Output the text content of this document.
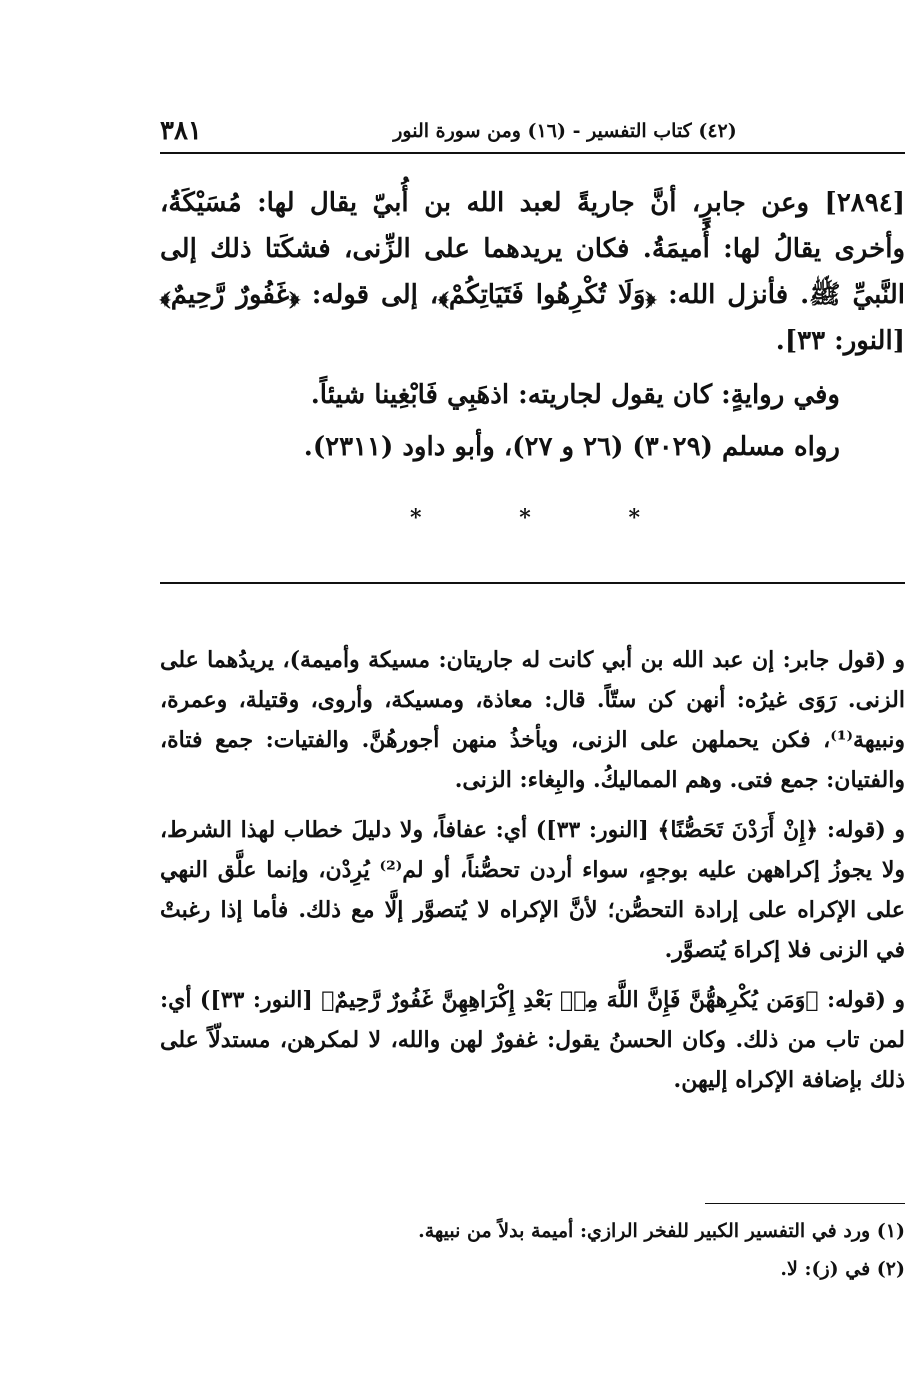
٣٨١	(٤٢) كتاب التفسير - (١٦) ومن سورة النور

[٢٨٩٤] وعن جابرٍ، أنَّ جاريةً لعبد الله بن أُبيّ يقال لها: مُسَيْكَةُ، وأخرى يقالُ لها: أُميمَةُ. فكان يريدهما على الزِّنى، فشكَتا ذلك إلى النَّبيِّ ﷺ. فأنزل الله: ﴿وَلَا تُكْرِهُوا فَتَيَاتِكُمْ﴾، إلى قوله: ﴿غَفُورٌ رَّحِيمٌ﴾ [النور: ٣٣].

وفي روايةٍ: كان يقول لجاريته: اذهَبِي فَابْغِينا شيئاً.

رواه مسلم (٣٠٢٩) (٢٦ و ٢٧)، وأبو داود (٢٣١١).

*	*	*

و (قول جابر: إن عبد الله بن أبي كانت له جاريتان: مسيكة وأميمة)، يريدُهما على الزنى. رَوَى غيرُه: أنهن كن ستّاً. قال: معاذة، ومسيكة، وأروى، وقتيلة، وعمرة، ونبيهة⁽¹⁾، فكن يحملهن على الزنى، ويأخذُ منهن أجورهُنَّ. والفتيات: جمع فتاة، والفتيان: جمع فتى. وهم المماليكُ. والبِغاء: الزنى.

و (قوله: ﴿إِنْ أَرَدْنَ تَحَصُّنًا﴾ [النور: ٣٣]) أي: عفافاً، ولا دليلَ خطاب لهذا الشرط، ولا يجوزُ إكراههن عليه بوجهٍ، سواء أردن تحصُّناً، أو لم⁽²⁾ يُرِدْن، وإنما علَّق النهي على الإكراه على إرادة التحصُّن؛ لأنَّ الإكراه لا يُتصوَّر إلَّا مع ذلك. فأما إذا رغبتْ في الزنى فلا إكراهَ يُتصوَّر.

و (قوله: ﴿وَمَن يُكْرِههُّنَّ فَإِنَّ اللَّهَ مِنۢ بَعْدِ إِكْرَاهِهِنَّ غَفُورٌ رَّحِيمٌ﴾ [النور: ٣٣]) أي: لمن تاب من ذلك. وكان الحسنُ يقول: غفورٌ لهن والله، لا لمكرهن، مستدلّاً على ذلك بإضافة الإكراه إليهن.

(١) ورد في التفسير الكبير للفخر الرازي: أميمة بدلاً من نبيهة.

(٢) في (ز): لا.
